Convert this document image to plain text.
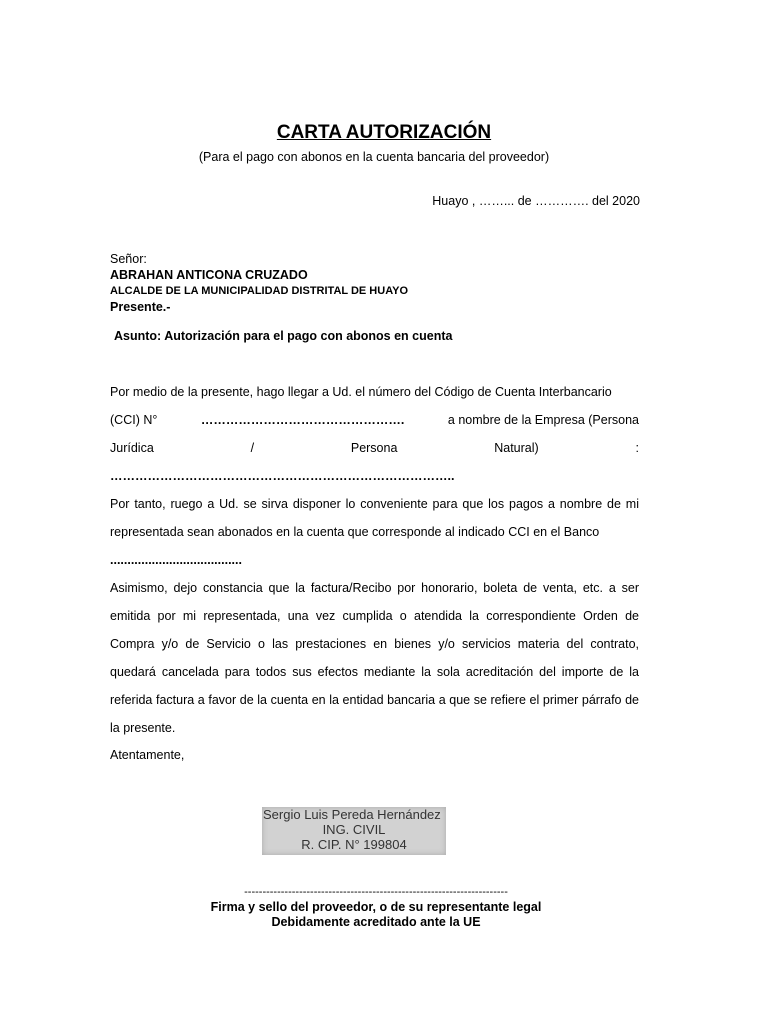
CARTA AUTORIZACIÓN
(Para el pago con abonos en la cuenta bancaria del proveedor)
Huayo , ……... de …………. del 2020
Señor:
ABRAHAN ANTICONA CRUZADO
ALCALDE DE LA MUNICIPALIDAD DISTRITAL DE HUAYO
Presente.-
Asunto: Autorización para el pago con abonos en cuenta
Por medio de la presente, hago llegar a Ud. el número del Código de Cuenta Interbancario
(CCI) N°	………………………………………….	a nombre de la Empresa (Persona
Jurídica	/	Persona	Natural)	:
………………………………………………………………………..
Por tanto, ruego a Ud. se sirva disponer lo conveniente para que los pagos a nombre de mi representada sean abonados en la cuenta que corresponde al indicado CCI en el Banco
......................................
Asimismo, dejo constancia que la factura/Recibo por honorario, boleta de venta, etc. a ser emitida por mi representada, una vez cumplida o atendida la correspondiente Orden de Compra y/o de Servicio o las prestaciones en bienes y/o servicios materia del contrato, quedará cancelada para todos sus efectos mediante la sola acreditación del importe de la referida factura a favor de la cuenta en la entidad bancaria a que se refiere el primer párrafo de la presente.
Atentamente,
Sergio Luis Pereda Hernández
ING. CIVIL
R. CIP. N° 199804
------------------------------------------------------------------------
Firma y sello del proveedor, o de su representante legal
Debidamente acreditado ante la UE
